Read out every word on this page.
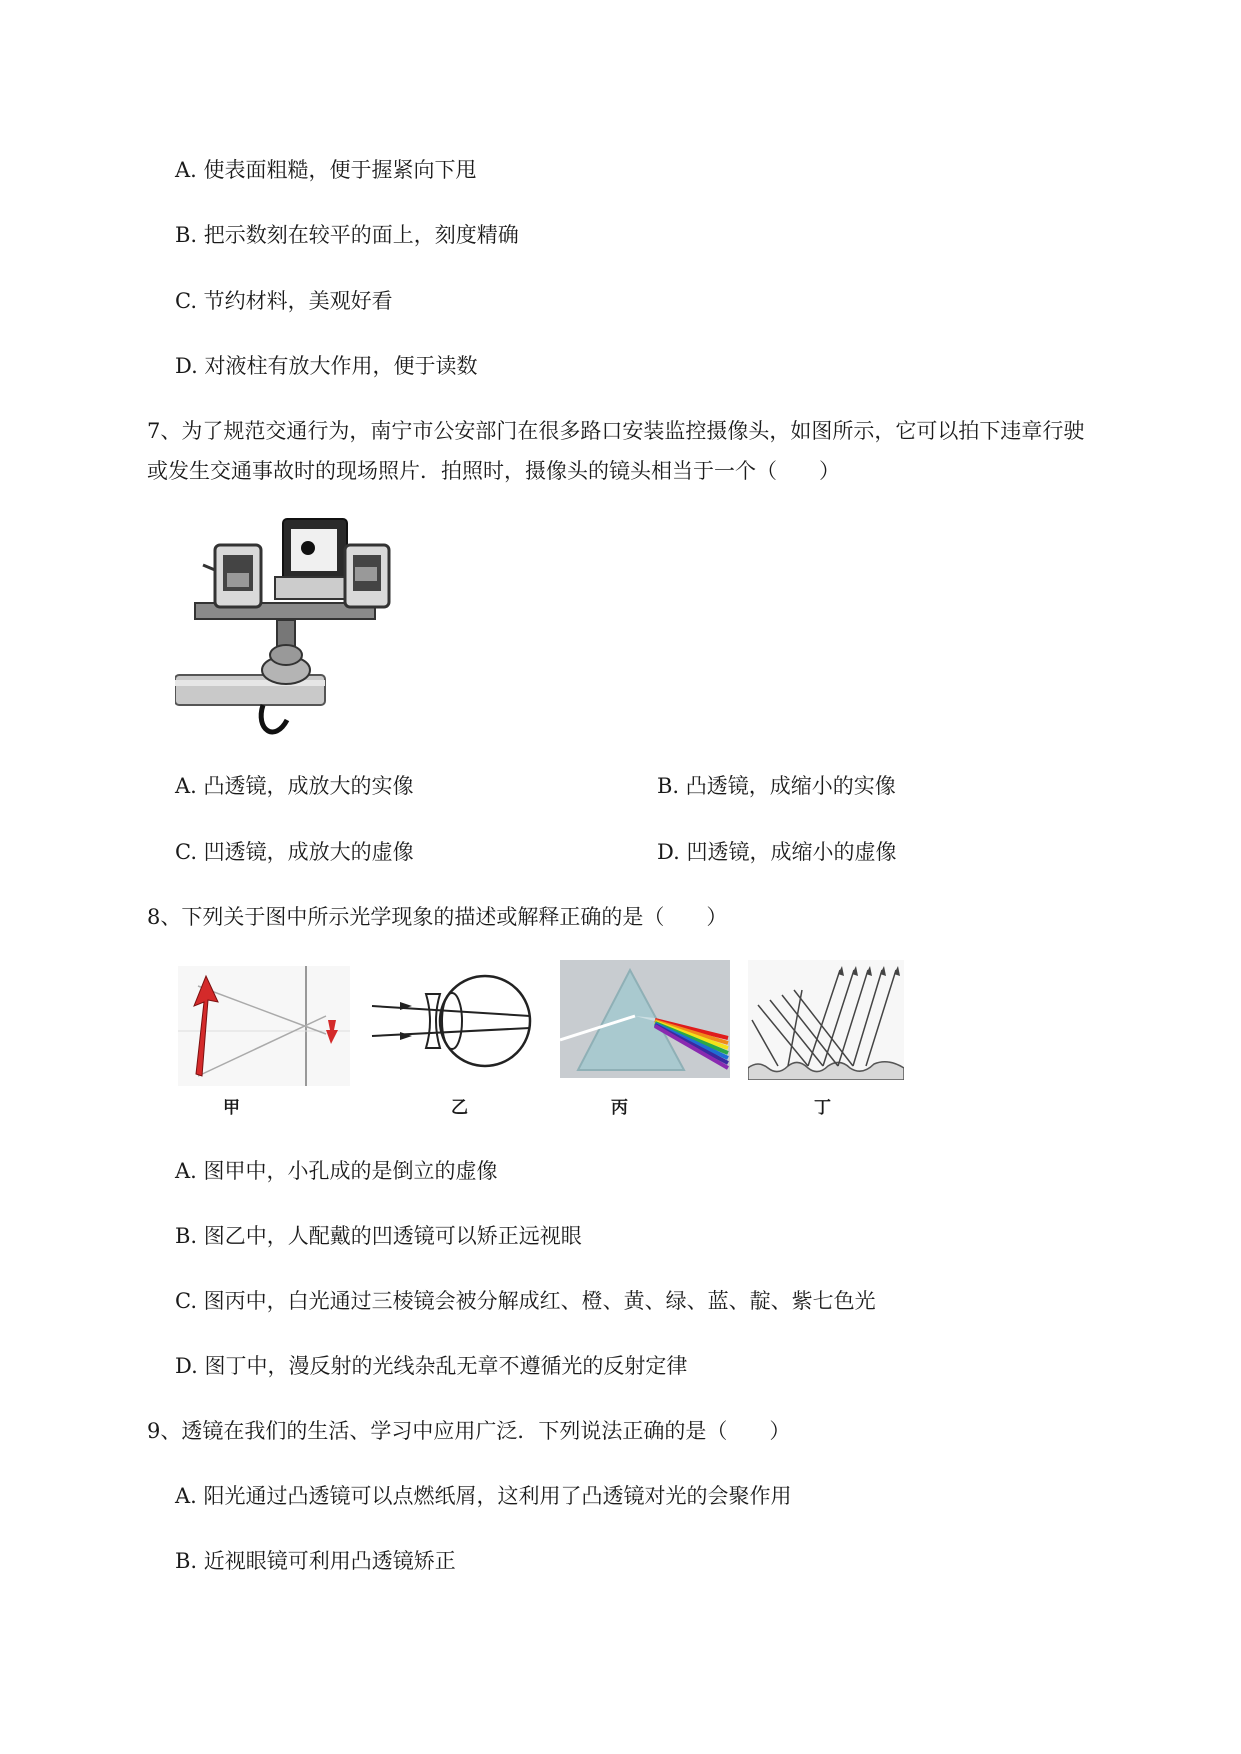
A. 使表面粗糙，便于握紧向下甩
B. 把示数刻在较平的面上，刻度精确
C. 节约材料，美观好看
D. 对液柱有放大作用，便于读数
7、为了规范交通行为，南宁市公安部门在很多路口安装监控摄像头，如图所示，它可以拍下违章行驶
或发生交通事故时的现场照片．拍照时，摄像头的镜头相当于一个（　　）
A. 凸透镜，成放大的实像	B. 凸透镜，成缩小的实像
C. 凹透镜，成放大的虚像	D. 凹透镜，成缩小的虚像
8、下列关于图中所示光学现象的描述或解释正确的是（　　）
甲	乙	丙	丁
A. 图甲中，小孔成的是倒立的虚像
B. 图乙中，人配戴的凹透镜可以矫正远视眼
C. 图丙中，白光通过三棱镜会被分解成红、橙、黄、绿、蓝、靛、紫七色光
D. 图丁中，漫反射的光线杂乱无章不遵循光的反射定律
9、透镜在我们的生活、学习中应用广泛．下列说法正确的是（　　）
A. 阳光通过凸透镜可以点燃纸屑，这利用了凸透镜对光的会聚作用
B. 近视眼镜可利用凸透镜矫正
